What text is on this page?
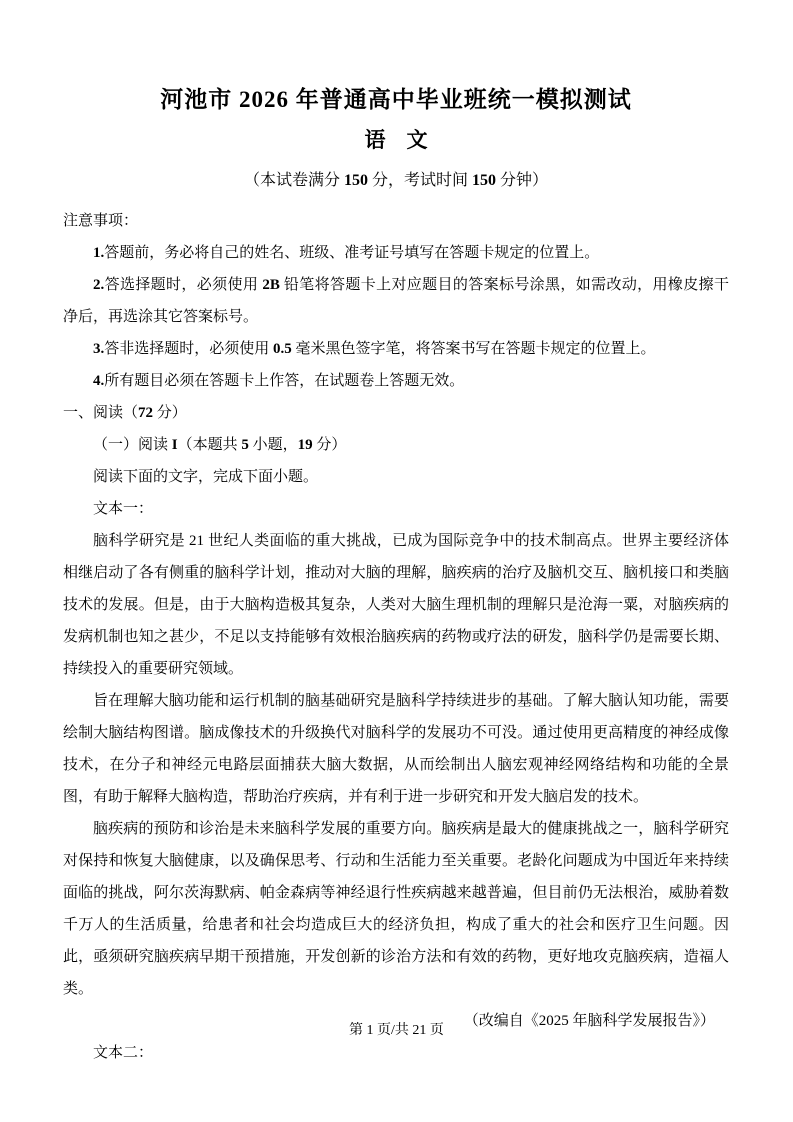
河池市 2026 年普通高中毕业班统一模拟测试
语　文
（本试卷满分 150 分，考试时间 150 分钟）
注意事项：

1.答题前，务必将自己的姓名、班级、准考证号填写在答题卡规定的位置上。

2.答选择题时，必须使用 2B 铅笔将答题卡上对应题目的答案标号涂黑，如需改动，用橡皮擦干净后，再选涂其它答案标号。

3.答非选择题时，必须使用 0.5 毫米黑色签字笔，将答案书写在答题卡规定的位置上。

4.所有题目必须在答题卡上作答，在试题卷上答题无效。

一、阅读（72 分）
（一）阅读 I（本题共 5 小题，19 分）

阅读下面的文字，完成下面小题。

文本一：

脑科学研究是 21 世纪人类面临的重大挑战，已成为国际竞争中的技术制高点。世界主要经济体相继启动了各有侧重的脑科学计划，推动对大脑的理解，脑疾病的治疗及脑机交互、脑机接口和类脑技术的发展。但是，由于大脑构造极其复杂，人类对大脑生理机制的理解只是沧海一粟，对脑疾病的发病机制也知之甚少，不足以支持能够有效根治脑疾病的药物或疗法的研发，脑科学仍是需要长期、持续投入的重要研究领域。

旨在理解大脑功能和运行机制的脑基础研究是脑科学持续进步的基础。了解大脑认知功能，需要绘制大脑结构图谱。脑成像技术的升级换代对脑科学的发展功不可没。通过使用更高精度的神经成像技术，在分子和神经元电路层面捕获大脑大数据，从而绘制出人脑宏观神经网络结构和功能的全景图，有助于解释大脑构造，帮助治疗疾病，并有利于进一步研究和开发大脑启发的技术。

脑疾病的预防和诊治是未来脑科学发展的重要方向。脑疾病是最大的健康挑战之一，脑科学研究对保持和恢复大脑健康，以及确保思考、行动和生活能力至关重要。老龄化问题成为中国近年来持续面临的挑战，阿尔茨海默病、帕金森病等神经退行性疾病越来越普遍，但目前仍无法根治，威胁着数千万人的生活质量，给患者和社会均造成巨大的经济负担，构成了重大的社会和医疗卫生问题。因此，亟须研究脑疾病早期干预措施，开发创新的诊治方法和有效的药物，更好地攻克脑疾病，造福人类。

（改编自《2025 年脑科学发展报告》）

文本二：

第 1 页/共 21 页
